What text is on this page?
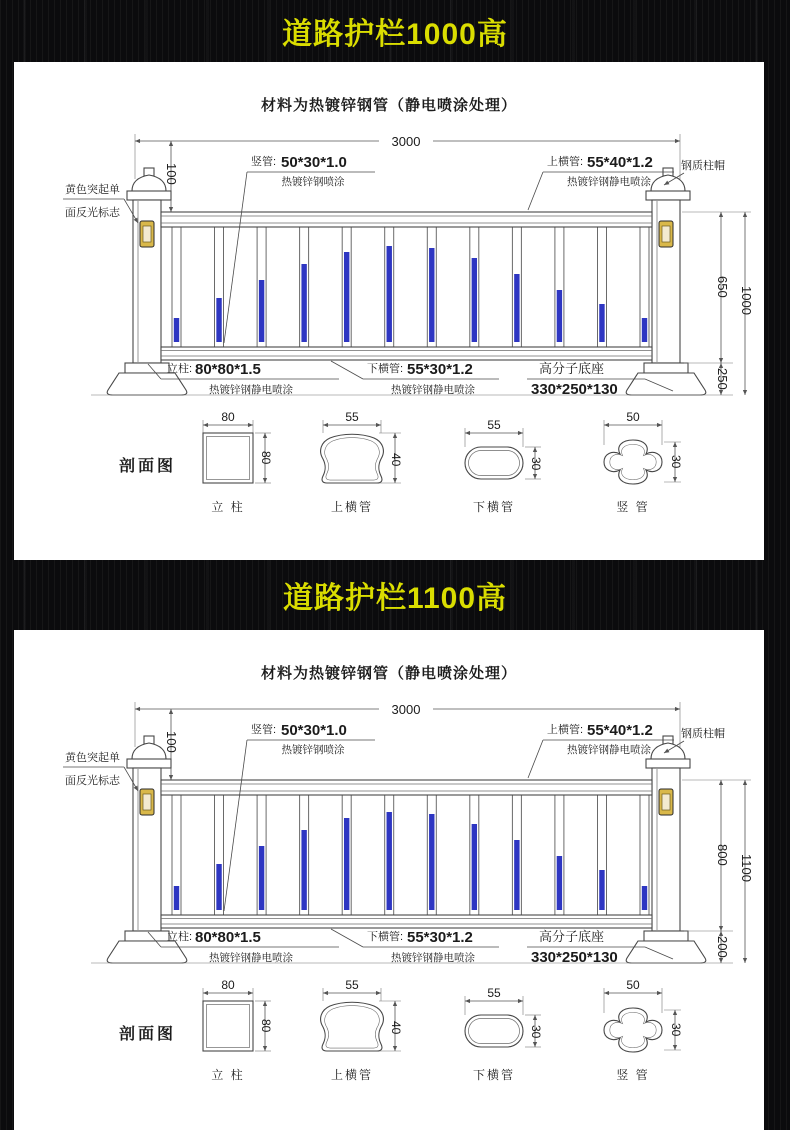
道路护栏1000高
材料为热镀锌钢管（静电喷涂处理）
3000
100
650
250
1000
竖管: 50*30*1.0
热镀锌钢喷涂
上横管: 55*40*1.2
热镀锌钢静电喷涂
钢质柱帽
黄色突起单
面反光标志
立柱: 80*80*1.5
热镀锌钢静电喷涂
下横管: 55*30*1.2
热镀锌钢静电喷涂
高分子底座
330*250*130
剖面图
80
80
立 柱
55
40
上横管
55
30
下横管
50
30
竖 管
道路护栏1100高
材料为热镀锌钢管（静电喷涂处理）
3000
100
800
200
1100
竖管: 50*30*1.0
热镀锌钢喷涂
上横管: 55*40*1.2
热镀锌钢静电喷涂
钢质柱帽
黄色突起单
面反光标志
立柱: 80*80*1.5
热镀锌钢静电喷涂
下横管: 55*30*1.2
热镀锌钢静电喷涂
高分子底座
330*250*130
剖面图
80
80
立 柱
55
40
上横管
55
30
下横管
50
30
竖 管
